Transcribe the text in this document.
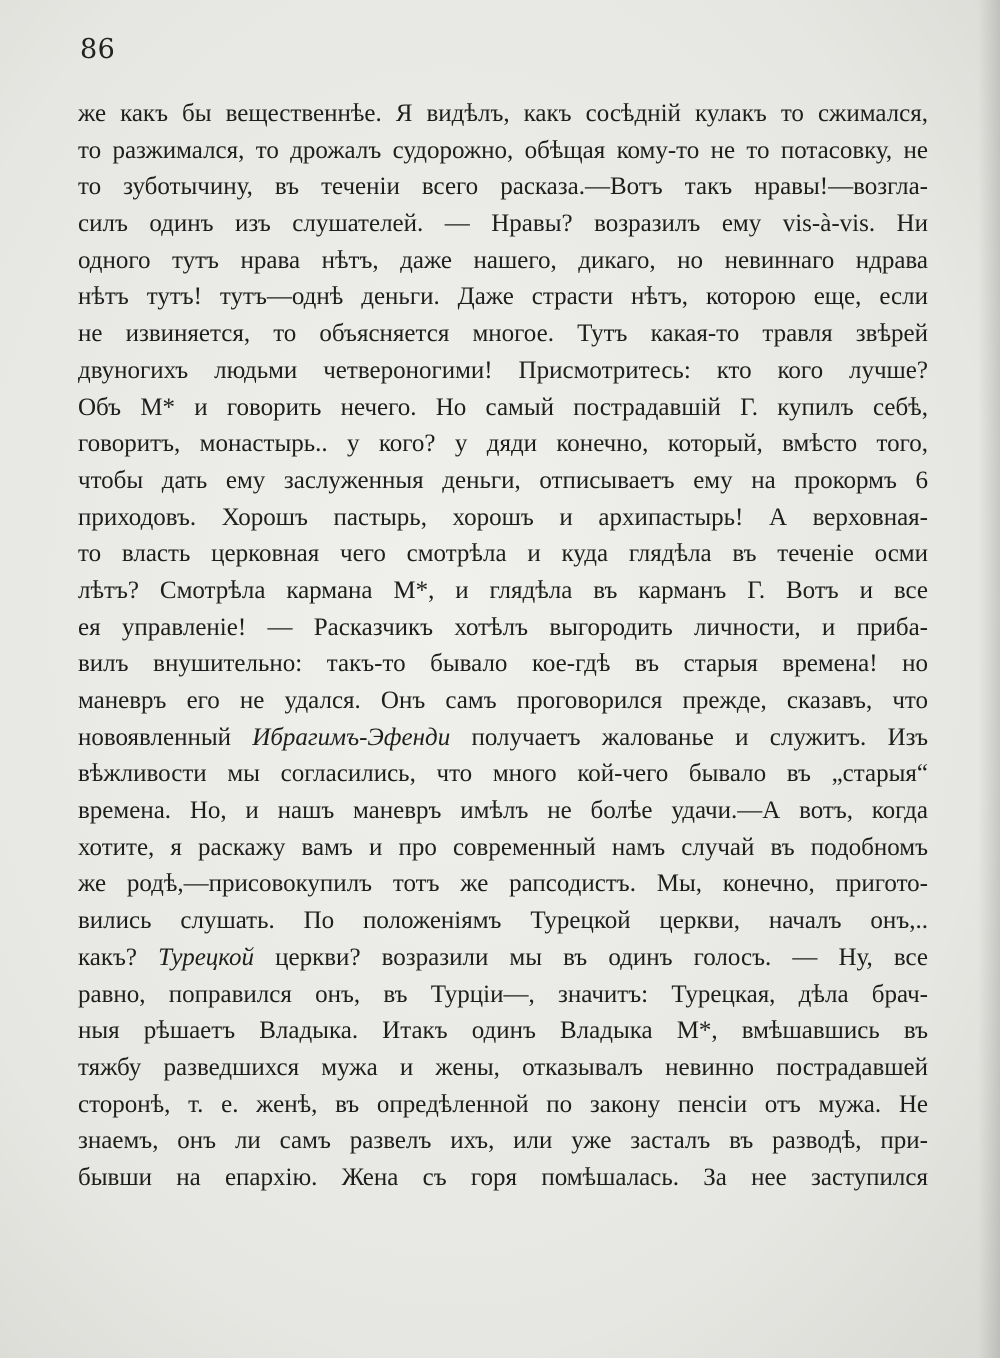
86
же какъ бы вещественнѣе. Я видѣлъ, какъ сосѣднiй кулакъ то сжимался,
то разжимался, то дрожалъ судорожно, обѣщая кому-то не то потасовку, не
то зуботычину, въ теченiи всего расказа.—Вотъ такъ нравы!—возгла-
силъ одинъ изъ слушателей. — Нравы? возразилъ ему vis-à-vis. Ни
одного тутъ нрава нѣтъ, даже нашего, дикаго, но невиннаго ндрава
нѣтъ тутъ! тутъ—однѣ деньги. Даже страсти нѣтъ, которою еще, если
не извиняется, то объясняется многое. Тутъ какая-то травля звѣрей
двуногихъ людьми четвероногими! Присмотритесь: кто кого лучше?
Объ М* и говорить нечего. Но самый пострадавшiй Г. купилъ себѣ,
говоритъ, монастырь.. у кого? у дяди конечно, который, вмѣсто того,
чтобы дать ему заслуженныя деньги, отписываетъ ему на прокормъ 6
приходовъ. Хорошъ пастырь, хорошъ и архипастырь! А верховная-
то власть церковная чего смотрѣла и куда глядѣла въ теченiе осми
лѣтъ? Смотрѣла кармана М*, и глядѣла въ карманъ Г. Вотъ и все
ея управленiе! — Расказчикъ хотѣлъ выгородить личности, и приба-
вилъ внушительно: такъ-то бывало кое-гдѣ въ старыя времена! но
маневръ его не удался. Онъ самъ проговорился прежде, сказавъ, что
новоявленный Ибрагимъ-Эфенди получаетъ жалованье и служитъ. Изъ
вѣжливости мы согласились, что много кой-чего бывало въ „старыя“
времена. Но, и нашъ маневръ имѣлъ не болѣе удачи.—А вотъ, когда
хотите, я раскажу вамъ и про современный намъ случай въ подобномъ
же родѣ,—присовокупилъ тотъ же рапсодистъ. Мы, конечно, пригото-
вились слушать. По положенiямъ Турецкой церкви, началъ онъ,..
какъ? Турецкой церкви? возразили мы въ одинъ голосъ. — Ну, все
равно, поправился онъ, въ Турцiи—, значитъ: Турецкая, дѣла брач-
ныя рѣшаетъ Владыка. Итакъ одинъ Владыка М*, вмѣшавшись въ
тяжбу разведшихся мужа и жены, отказывалъ невинно пострадавшей
сторонѣ, т. е. женѣ, въ опредѣленной по закону пенсiи отъ мужа. Не
знаемъ, онъ ли самъ развелъ ихъ, или уже засталъ въ разводѣ, при-
бывши на епархiю. Жена съ горя помѣшалась. За нее заступился
